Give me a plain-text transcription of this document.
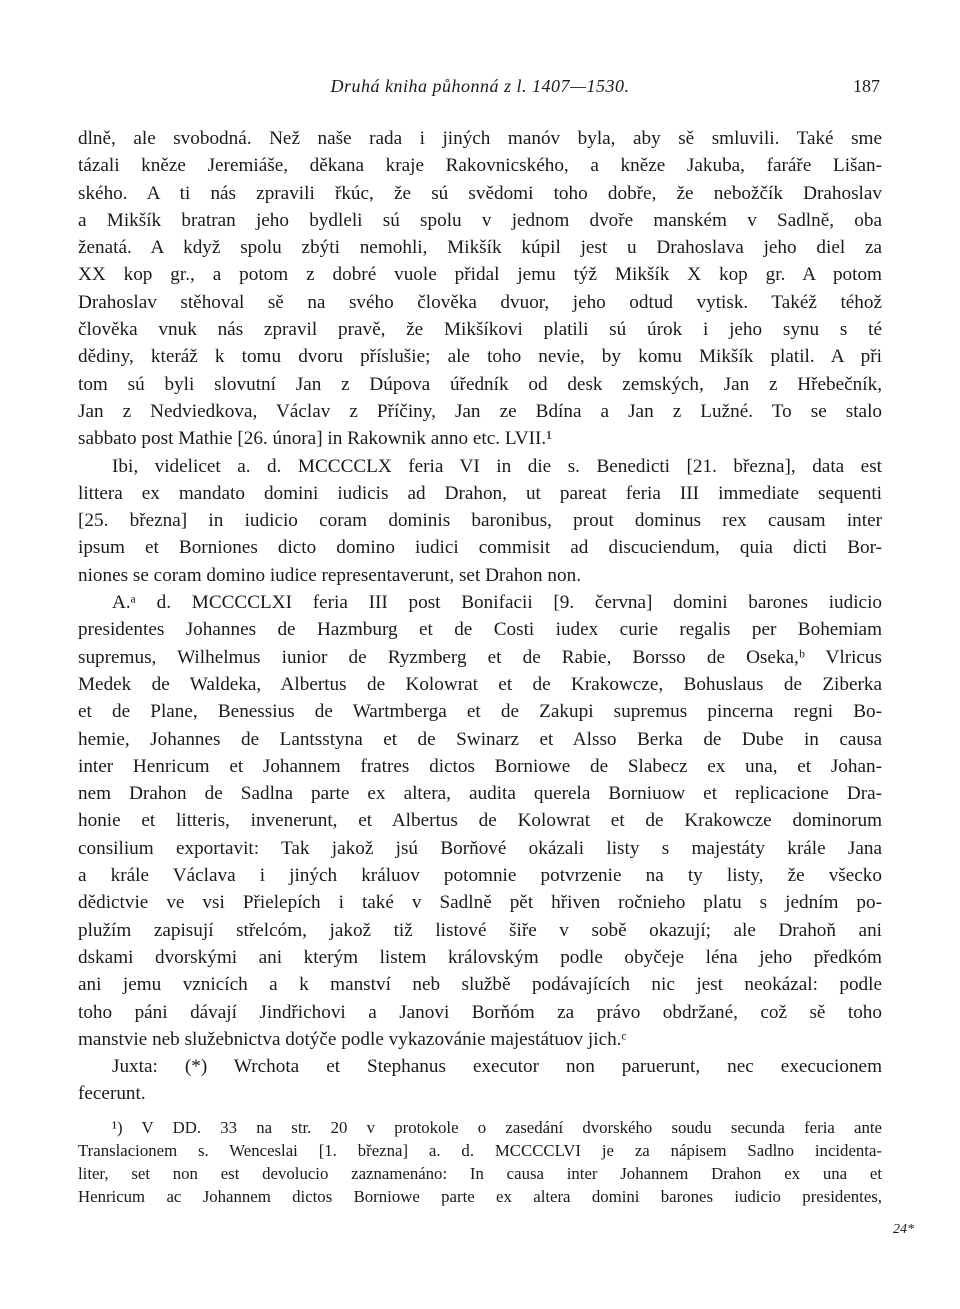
Druhá kniha půhonná z l. 1407—1530.	187
dlně, ale svobodná. Než naše rada i jiných manóv byla, aby sě smluvili. Také sme
tázali kněze Jeremiáše, děkana kraje Rakovnicského, a kněze Jakuba, faráře Lišan-
ského. A ti nás zpravili řkúc, že sú svědomi toho dobře, že nebožčík Drahoslav
a Mikšík bratran jeho bydleli sú spolu v jednom dvoře manském v Sadlně, oba
ženatá. A když spolu zbýti nemohli, Mikšík kúpil jest u Drahoslava jeho diel za
XX kop gr., a potom z dobré vuole přidal jemu týž Mikšík X kop gr. A potom
Drahoslav stěhoval sě na svého člověka dvuor, jeho odtud vytisk. Takéž téhož
člověka vnuk nás zpravil pravě, že Mikšíkovi platili sú úrok i jeho synu s té
dědiny, kteráž k tomu dvoru příslušie; ale toho nevie, by komu Mikšík platil. A při
tom sú byli slovutní Jan z Dúpova úředník od desk zemských, Jan z Hřebečník,
Jan z Nedviedkova, Václav z Příčiny, Jan ze Bdína a Jan z Lužné. To se stalo
sabbato post Mathie [26. února] in Rakownik anno etc. LVII.¹
Ibi, videlicet a. d. MCCCCLX feria VI in die s. Benedicti [21. března], data est
littera ex mandato domini iudicis ad Drahon, ut pareat feria III immediate sequenti
[25. března] in iudicio coram dominis baronibus, prout dominus rex causam inter
ipsum et Borniones dicto domino iudici commisit ad discuciendum, quia dicti Bor-
niones se coram domino iudice representaverunt, set Drahon non.
A.ᵃ d. MCCCCLXI feria III post Bonifacii [9. června] domini barones iudicio
presidentes Johannes de Hazmburg et de Costi iudex curie regalis per Bohemiam
supremus, Wilhelmus iunior de Ryzmberg et de Rabie, Borsso de Oseka,ᵇ Vlricus
Medek de Waldeka, Albertus de Kolowrat et de Krakowcze, Bohuslaus de Ziberka
et de Plane, Benessius de Wartmberga et de Zakupi supremus pincerna regni Bo-
hemie, Johannes de Lantsstyna et de Swinarz et Alsso Berka de Dube in causa
inter Henricum et Johannem fratres dictos Borniowe de Slabecz ex una, et Johan-
nem Drahon de Sadlna parte ex altera, audita querela Borniuow et replicacione Dra-
honie et litteris, invenerunt, et Albertus de Kolowrat et de Krakowcze dominorum
consilium exportavit: Tak jakož jsú Borňové okázali listy s majestáty krále Jana
a krále Václava i jiných králuov potomnie potvrzenie na ty listy, že všecko
dědictvie ve vsi Přielepích i také v Sadlně pět hřiven ročnieho platu s jedním po-
plužím zapisují střelcóm, jakož tiž listové šiře v sobě okazují; ale Drahoň ani
dskami dvorskými ani kterým listem královským podle obyčeje léna jeho předkóm
ani jemu vznicích a k manství neb službě podávajících nic jest neokázal: podle
toho páni dávají Jindřichovi a Janovi Borňóm za právo obdržané, což sě toho
manstvie neb služebnictva dotýče podle vykazovánie majestátuov jich.ᶜ
Juxta: (*) Wrchota et Stephanus executor non paruerunt, nec execucionem
fecerunt.
¹) V DD. 33 na str. 20 v protokole o zasedání dvorského soudu secunda feria ante
Translacionem s. Wenceslai [1. března] a. d. MCCCCLVI je za nápisem Sadlno incidenta-
liter, set non est devolucio zaznamenáno: In causa inter Johannem Drahon ex una et
Henricum ac Johannem dictos Borniowe parte ex altera domini barones iudicio presidentes,
24*
